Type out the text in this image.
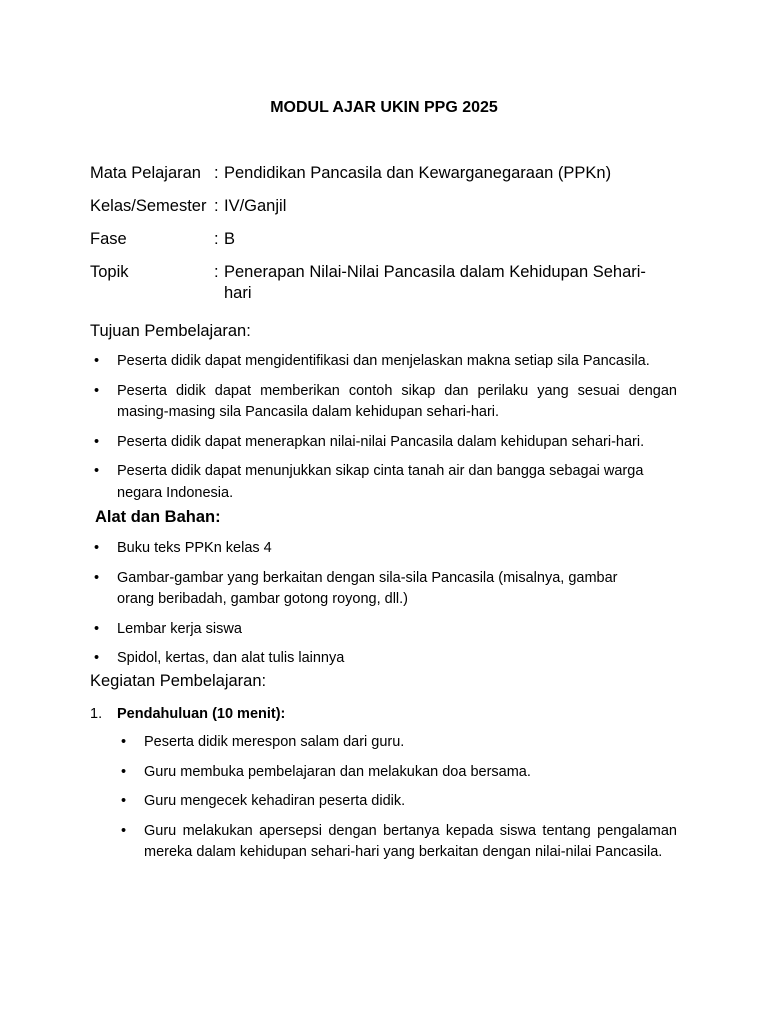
MODUL AJAR UKIN PPG 2025
Mata Pelajaran : Pendidikan Pancasila dan Kewarganegaraan (PPKn)
Kelas/Semester : IV/Ganjil
Fase	: B
Topik	: Penerapan Nilai-Nilai Pancasila dalam Kehidupan Sehari-hari
Tujuan Pembelajaran:
• Peserta didik dapat mengidentifikasi dan menjelaskan makna setiap sila Pancasila.
• Peserta didik dapat memberikan contoh sikap dan perilaku yang sesuai dengan masing-masing sila Pancasila dalam kehidupan sehari-hari.
• Peserta didik dapat menerapkan nilai-nilai Pancasila dalam kehidupan sehari-hari.
• Peserta didik dapat menunjukkan sikap cinta tanah air dan bangga sebagai warga negara Indonesia.
Alat dan Bahan:
• Buku teks PPKn kelas 4
• Gambar-gambar yang berkaitan dengan sila-sila Pancasila (misalnya, gambar orang beribadah, gambar gotong royong, dll.)
• Lembar kerja siswa
• Spidol, kertas, dan alat tulis lainnya
Kegiatan Pembelajaran:
1. Pendahuluan (10 menit):
• Peserta didik merespon salam dari guru.
• Guru membuka pembelajaran dan melakukan doa bersama.
• Guru mengecek kehadiran peserta didik.
• Guru melakukan apersepsi dengan bertanya kepada siswa tentang pengalaman mereka dalam kehidupan sehari-hari yang berkaitan dengan nilai-nilai Pancasila.
